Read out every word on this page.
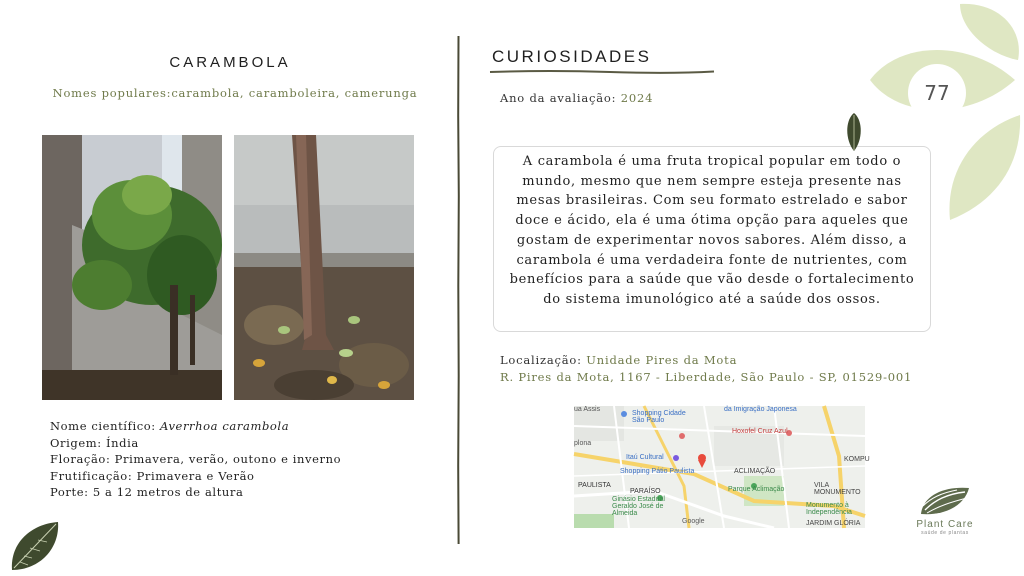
CARAMBOLA
Nomes populares:carambola, caramboleira, camerunga
Nome científico: Averrhoa carambola
Origem: Índia
Floração: Primavera, verão, outono e inverno
Frutificação: Primavera e Verão
Porte: 5 a 12 metros de altura
CURIOSIDADES
Ano da avaliação: 2024
A carambola é uma fruta tropical popular em todo o mundo, mesmo que nem sempre esteja presente nas mesas brasileiras. Com seu formato estrelado e sabor doce e ácido, ela é uma ótima opção para aqueles que gostam de experimentar novos sabores. Além disso, a carambola é uma verdadeira fonte de nutrientes, com benefícios para a saúde que vão desde o fortalecimento do sistema imunológico até a saúde dos ossos.
Localização: Unidade Pires da Mota
R. Pires da Mota, 1167 - Liberdade, São Paulo - SP, 01529-001
ua Assis
Shopping Cidade São Paulo
da Imigração Japonesa
plona
Hoxofel Cruz Azul
Itaú Cultural
Shopping Pátio Paulista	ACLIMAÇÃO
KOMPU
PAULISTA
PARAÍSO	Parque Aclimação
VILA MONUMENTO
Ginásio Estadual Geraldo José de Almeida
Monumento à Independência
JARDIM GLÓRIA
Google
77
Plant Care
saúde de plantas
